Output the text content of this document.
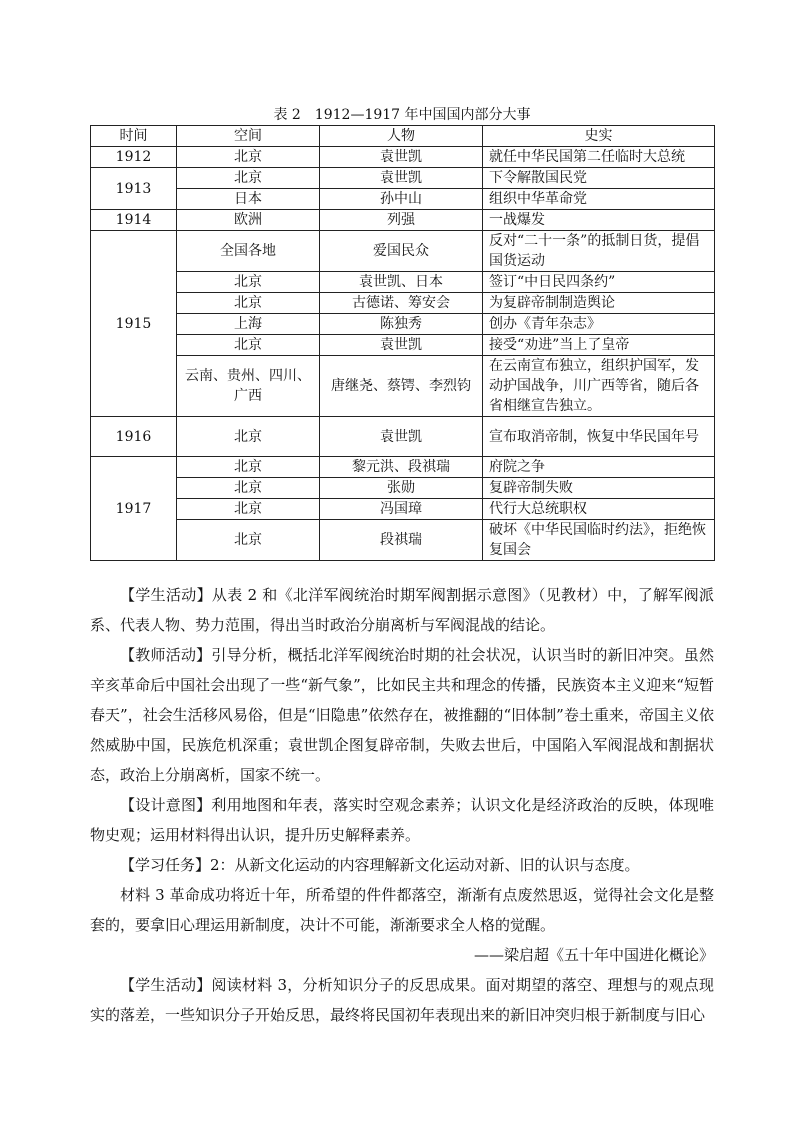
表 2　1912—1917 年中国国内部分大事
时间	空间	人物	史实
1912	北京	袁世凯	就任中华民国第二任临时大总统
1913	北京	袁世凯	下令解散国民党
	日本	孙中山	组织中华革命党
1914	欧洲	列强	一战爆发
1915	全国各地	爱国民众	反对“二十一条”的抵制日货，提倡国货运动
	北京	袁世凯、日本	签订“中日民四条约”
	北京	古德诺、筹安会	为复辟帝制制造舆论
	上海	陈独秀	创办《青年杂志》
	北京	袁世凯	接受“劝进”当上了皇帝
	云南、贵州、四川、广西	唐继尧、蔡锷、李烈钧	在云南宣布独立，组织护国军，发动护国战争，川广西等省，随后各省相继宣告独立。
1916	北京	袁世凯	宣布取消帝制，恢复中华民国年号
1917	北京	黎元洪、段祺瑞	府院之争
	北京	张勋	复辟帝制失败
	北京	冯国璋	代行大总统职权
	北京	段祺瑞	破坏《中华民国临时约法》，拒绝恢复国会

【学生活动】从表 2 和《北洋军阀统治时期军阀割据示意图》（见教材）中，了解军阀派系、代表人物、势力范围，得出当时政治分崩离析与军阀混战的结论。

【教师活动】引导分析，概括北洋军阀统治时期的社会状况，认识当时的新旧冲突。虽然辛亥革命后中国社会出现了一些“新气象”，比如民主共和理念的传播，民族资本主义迎来“短暂春天”，社会生活移风易俗，但是“旧隐患”依然存在，被推翻的“旧体制”卷土重来，帝国主义依然威胁中国，民族危机深重；袁世凯企图复辟帝制，失败去世后，中国陷入军阀混战和割据状态，政治上分崩离析，国家不统一。

【设计意图】利用地图和年表，落实时空观念素养；认识文化是经济政治的反映，体现唯物史观；运用材料得出认识，提升历史解释素养。

【学习任务】2：从新文化运动的内容理解新文化运动对新、旧的认识与态度。

材料 3 革命成功将近十年，所希望的件件都落空，渐渐有点废然思返，觉得社会文化是整套的，要拿旧心理运用新制度，决计不可能，渐渐要求全人格的觉醒。

——梁启超《五十年中国进化概论》

【学生活动】阅读材料 3，分析知识分子的反思成果。面对期望的落空、理想与的观点现实的落差，一些知识分子开始反思，最终将民国初年表现出来的新旧冲突归根于新制度与旧心
